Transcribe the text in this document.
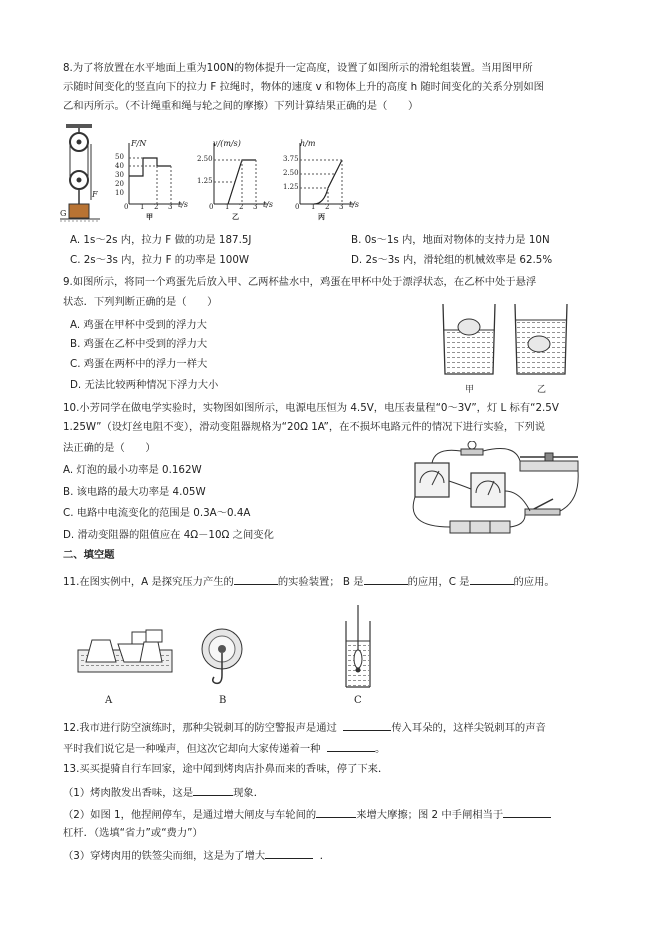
8.为了将放置在水平地面上重为100N的物体提升一定高度，设置了如图所示的滑轮组装置。当用图甲所
示随时间变化的竖直向下的拉力 F 拉绳时，物体的速度 v 和物体上升的高度 h 随时间变化的关系分别如图
乙和丙所示。（不计绳重和绳与轮之间的摩擦）下列计算结果正确的是（　　）
G
F
F/N
50
40
30
20
10
0 1 2 3 t/s
甲
v/(m/s)
2.50
1.25
0 1 2 3 t/s
乙
h/m
3.75
2.50
1.25
0 1 2 3 t/s
丙
A. 1s～2s 内，拉力 F 做的功是 187.5J	B. 0s～1s 内，地面对物体的支持力是 10N
C. 2s～3s 内，拉力 F 的功率是 100W	D. 2s～3s 内，滑轮组的机械效率是 62.5%
9.如图所示，将同一个鸡蛋先后放入甲、乙两杯盐水中，鸡蛋在甲杯中处于漂浮状态，在乙杯中处于悬浮
状态．下列判断正确的是（　　）
A. 鸡蛋在甲杯中受到的浮力大
B. 鸡蛋在乙杯中受到的浮力大
C. 鸡蛋在两杯中的浮力一样大
D. 无法比较两种情况下浮力大小	甲	乙
10.小芳同学在做电学实验时，实物图如图所示，电源电压恒为 4.5V，电压表量程“0～3V”，灯 L 标有“2.5V
1.25W”（设灯丝电阻不变），滑动变阻器规格为“20Ω 1A”，在不损坏电路元件的情况下进行实验，下列说
法正确的是（　　）
A. 灯泡的最小功率是 0.162W
B. 该电路的最大功率是 4.05W
C. 电路中电流变化的范围是 0.3A～0.4A
D. 滑动变阻器的阻值应在 4Ω－10Ω 之间变化
二、填空题
11.在图实例中，A 是探究压力产生的	的实验装置； B 是	的应用，C 是	的应用。
A	B	C
12.我市进行防空演练时，那种尖锐刺耳的防空警报声是通过	传入耳朵的，这样尖锐刺耳的声音
平时我们说它是一种噪声，但这次它却向大家传递着一种	。
13.买买提骑自行车回家，途中闻到烤肉店扑鼻而来的香味，停了下来．
（1）烤肉散发出香味，这是	现象．
（2）如图 1，他捏闸停车，是通过增大闸皮与车轮间的	来增大摩擦；图 2 中手闸相当于
杠杆．（选填“省力”或“费力”）
（3）穿烤肉用的铁签尖而细，这是为了增大	．
